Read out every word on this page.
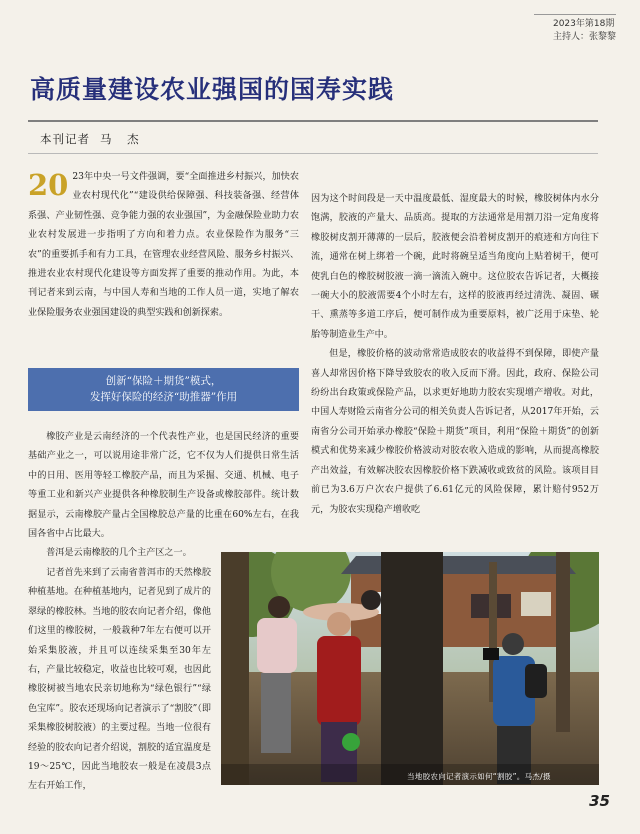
2023年第18期
主持人：张黎黎
高质量建设农业强国的国寿实践
本刊记者 马 杰

20 23年中央一号文件强调，要“全面推进乡村振兴，加快农业农村现代化”“建设供给保障强、科技装备强、经营体系强、产业韧性强、竞争能力强的农业强国”，为金融保险业助力农业农村发展进一步指明了方向和着力点。农业保险作为服务“三农”的重要抓手和有力工具，在管理农业经营风险、服务乡村振兴、推进农业农村现代化建设等方面发挥了重要的推动作用。为此，本刊记者来到云南，与中国人寿和当地的工作人员一道，实地了解农业保险服务农业强国建设的典型实践和创新探索。

创新“保险＋期货”模式，
发挥好保险的经济“助推器”作用

橡胶产业是云南经济的一个代表性产业，也是国民经济的重要基础产业之一，可以说用途非常广泛，它不仅为人们提供日常生活中的日用、医用等轻工橡胶产品，而且为采掘、交通、机械、电子等重工业和新兴产业提供各种橡胶制生产设备或橡胶部件。统计数据显示，云南橡胶产量占全国橡胶总产量的比重在60%左右，在我国各省中占比最大。

普洱是云南橡胶的几个主产区之一。

记者首先来到了云南省普洱市的天然橡胶种植基地。在种植基地内，记者见到了成片的翠绿的橡胶林。当地的胶农向记者介绍，像他们这里的橡胶树，一般栽种7年左右便可以开始采集胶液，并且可以连续采集至30年左右，产量比较稳定，收益也比较可观，也因此橡胶树被当地农民亲切地称为“绿色银行”“绿色宝库”。胶农还现场向记者演示了“割胶”（即采集橡胶树胶液）的主要过程。当地一位很有经验的胶农向记者介绍说，割胶的适宜温度是19～25℃，因此当地胶农一般是在凌晨3点左右开始工作，

因为这个时间段是一天中温度最低、湿度最大的时候，橡胶树体内水分饱满，胶液的产量大、品质高。提取的方法通常是用割刀沿一定角度将橡胶树皮割开薄薄的一层后，胶液便会沿着树皮割开的痕迹和方向往下流，通常在树上绑着一个碗，此时将碗呈适当角度向上贴着树干，便可使乳白色的橡胶树胶液一滴一滴流入碗中。这位胶农告诉记者，大概接一碗大小的胶液需要4个小时左右，这样的胶液再经过清洗、凝固、碾干、熏蒸等多道工序后，便可制作成为重要原料，被广泛用于床垫、轮胎等制造业生产中。

但是，橡胶价格的波动常常造成胶农的收益得不到保障，即使产量喜人却常因价格下降导致胶农的收入反而下滑。因此，政府、保险公司纷纷出台政策或保险产品，以求更好地助力胶农实现增产增收。对此，中国人寿财险云南省分公司的相关负责人告诉记者，从2017年开始，云南省分公司开始承办橡胶“保险＋期货”项目，利用“保险＋期货”的创新模式和优势来减少橡胶价格波动对胶农收入造成的影响，从而提高橡胶产出效益，有效解决胶农因橡胶价格下跌减收或致贫的风险。该项目目前已为3.6万户次农户提供了6.61亿元的风险保障，累计赔付952万元，为胶农实现稳产增收吃

当地胶农向记者演示如何“割胶”。马杰/摄
35
